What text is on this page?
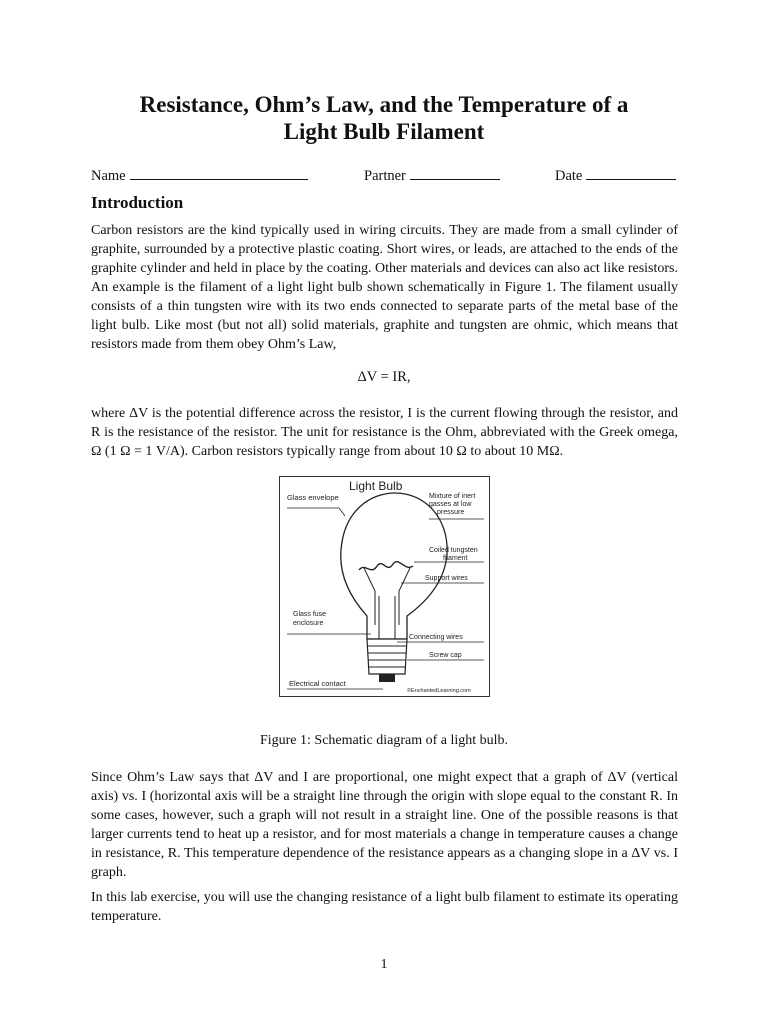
Resistance, Ohm’s Law, and the Temperature of a
Light Bulb Filament
Name	Partner	Date
Introduction
Carbon resistors are the kind typically used in wiring circuits. They are made from a small cylinder of graphite, surrounded by a protective plastic coating. Short wires, or leads, are attached to the ends of the graphite cylinder and held in place by the coating. Other materials and devices can also act like resistors. An example is the filament of a light light bulb shown schematically in Figure 1. The filament usually consists of a thin tungsten wire with its two ends connected to separate parts of the metal base of the light bulb. Like most (but not all) solid materials, graphite and tungsten are ohmic, which means that resistors made from them obey Ohm’s Law,
ΔV = IR,
where ΔV is the potential difference across the resistor, I is the current flowing through the resistor, and R is the resistance of the resistor. The unit for resistance is the Ohm, abbreviated with the Greek omega, Ω (1 Ω = 1 V/A). Carbon resistors typically range from about 10 Ω to about 10 MΩ.
Light Bulb
Glass envelope	Mixture of inert
gasses at low
pressure
Coiled tungsten
filament
Support wires
Glass fuse
enclosure
Connecting wires
Screw cap
Electrical contact
©EnchantedLearning.com
Figure 1: Schematic diagram of a light bulb.
Since Ohm’s Law says that ΔV and I are proportional, one might expect that a graph of ΔV (vertical axis) vs. I (horizontal axis will be a straight line through the origin with slope equal to the constant R. In some cases, however, such a graph will not result in a straight line. One of the possible reasons is that larger currents tend to heat up a resistor, and for most materials a change in temperature causes a change in resistance, R. This temperature dependence of the resistance appears as a changing slope in a ΔV vs. I graph.
In this lab exercise, you will use the changing resistance of a light bulb filament to estimate its operating temperature.
1
